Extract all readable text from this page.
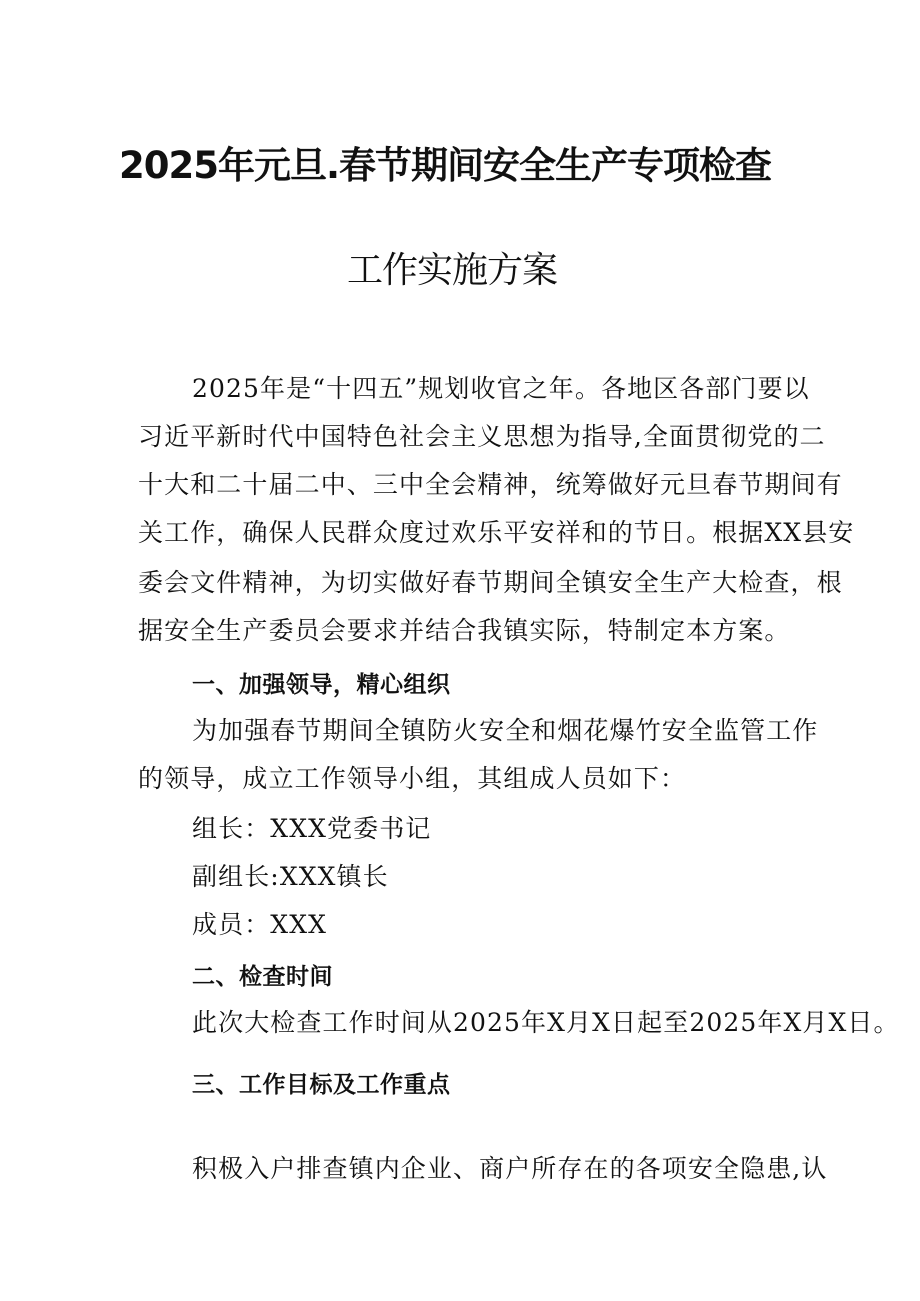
2025年元旦.春节期间安全生产专项检查
工作实施方案
2025年是“十四五”规划收官之年。各地区各部门要以
习近平新时代中国特色社会主义思想为指导,全面贯彻党的二
十大和二十届二中、三中全会精神，统筹做好元旦春节期间有
关工作，确保人民群众度过欢乐平安祥和的节日。根据XX县安
委会文件精神，为切实做好春节期间全镇安全生产大检查，根
据安全生产委员会要求并结合我镇实际，特制定本方案。
一、加强领导，精心组织
为加强春节期间全镇防火安全和烟花爆竹安全监管工作
的领导，成立工作领导小组，其组成人员如下：
组长：XXX党委书记
副组长:XXX镇长
成员：XXX
二、检查时间
此次大检查工作时间从2025年X月X日起至2025年X月X日。
三、工作目标及工作重点
积极入户排查镇内企业、商户所存在的各项安全隐患,认
